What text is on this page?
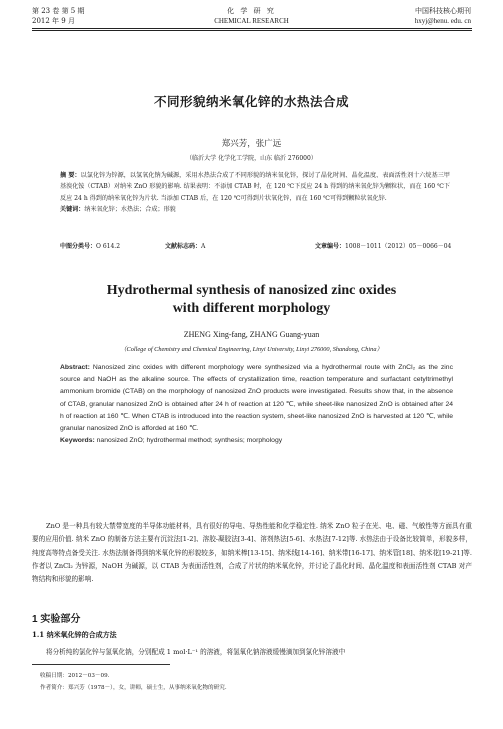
第 23 卷 第 5 期
2012 年 9 月
化 学 研 究
CHEMICAL RESEARCH
中国科技核心期刊
hxyj@henu. edu. cn
不同形貌纳米氧化锌的水热法合成
郑兴芳，张广远
（临沂大学 化学化工学院，山东 临沂 276000）
摘 要：以氯化锌为锌源，以氢氧化钠为碱源，采用水热法合成了不同形貌的纳米氧化锌，探讨了晶化时间、晶化温度、表面活性剂十六烷基三甲基溴化铵（CTAB）对纳米 ZnO 形貌的影响. 结果表明：不添加 CTAB 时，在 120 ℃下反应 24 h 得到的纳米氧化锌为颗粒状，而在 160 ℃下反应 24 h 得到的纳米氧化锌为片状. 当添加 CTAB 后，在 120 ℃可得到片状氧化锌，而在 160 ℃可得到颗粒状氧化锌.
关键词：纳米氧化锌；水热法；合成；形貌
中图分类号：O 614.2	文献标志码：A	文章编号：1008－1011（2012）05－0066－04
Hydrothermal synthesis of nanosized zinc oxides
with different morphology
ZHENG Xing-fang, ZHANG Guang-yuan
（College of Chemistry and Chemical Engineering, Linyi University, Linyi 276000, Shandong, China）
Abstract: Nanosized zinc oxides with different morphology were synthesized via a hydrothermal route with ZnCl₂ as the zinc source and NaOH as the alkaline source. The effects of crystallization time, reaction temperature and surfactant cetyltrimethyl ammonium bromide (CTAB) on the morphology of nanosized ZnO products were investigated. Results show that, in the absence of CTAB, granular nanosized ZnO is obtained after 24 h of reaction at 120 ℃, while sheet-like nanosized ZnO is obtained after 24 h of reaction at 160 ℃. When CTAB is introduced into the reaction system, sheet-like nanosized ZnO is harvested at 120 ℃, while granular nanosized ZnO is afforded at 160 ℃.
Keywords: nanosized ZnO; hydrothermal method; synthesis; morphology
ZnO 是一种具有较大禁带宽度的半导体功能材料，具有很好的导电、导热性能和化学稳定性. 纳米 ZnO 粒子在光、电、磁、气敏性等方面具有重要的应用价值. 纳米 ZnO 的制备方法主要有沉淀法[1-2]、溶胶-凝胶法[3-4]、溶剂热法[5-6]、水热法[7-12]等. 水热法由于设备比较简单，形貌多样，纯度高等特点备受关注. 水热法制备得到纳米氧化锌的形貌较多，如纳米棒[13-15]、纳米线[14-16]、纳米带[16-17]、纳米管[18]、纳米花[19-21]等. 作者以 ZnCl₂ 为锌源，NaOH 为碱源，以 CTAB 为表面活性剂，合成了片状的纳米氧化锌，并讨论了晶化时间、晶化温度和表面活性剂 CTAB 对产物结构和形貌的影响.
1 实验部分
1.1 纳米氧化锌的合成方法
将分析纯的氯化锌与氢氧化钠，分别配成 1 mol·L⁻¹ 的溶液，将氢氧化钠溶液缓慢滴加到氯化锌溶液中
收稿日期：2012－03－09.
作者简介：郑兴芳（1978－），女，讲师，硕士生，从事纳米氧化物的研究.
